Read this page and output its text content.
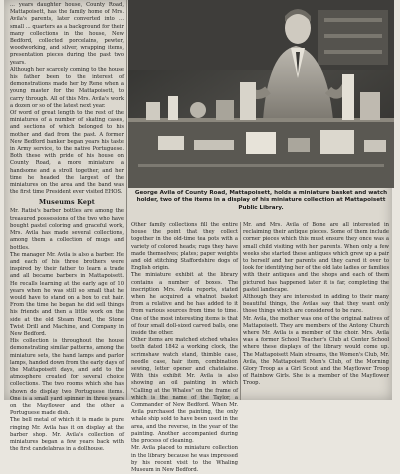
... years daughter house, County Road, Mattapoisett, has the family home of Mrs. Avila's parents, later converted into ... small ... quarters as a background for their many collections in the house, New Bedford, collected porcelains, pewter, woodworking, and silver, wrapping items, presentation pieces during the past two years.

Although her scarcely coming to the house his father been to the interest of demonstrations made her by Rene when a young master for the Mattapoisett, to carry through. All of this Mrs. Avila's work a dozen or so of the latest next year.

Of word of great length to the rest of the miniatures of a number of skating cases, and sections of which belonged to his mother and dad from the past. A former New Bedford banker began years his taste in Army service, to the native Portuguese. Both these with pride of his house on County Road, a more miniature a handsome and a stroll together, and her time he headed the largest of the miniatures on the area and the band was the first time President ever visited EHOS.

Museums Kept

Mr. Ratisi's barber bottles are among the treasured possessions of the two who have bought pastel coloring and graceful work, Mrs. Avila has made several collections, among them a collection of mugs and bottles.

The manager Mr. Avila is also a barber. He and each of his three brothers were inspired by their father to learn a trade and all became barbers in Mattapoisett. He recalls learning at the early age of 10 years when he was still so small that he would have to stand on a box to cut hair. From the time he began he did sell things his friends and then a little work on the side at the old Steam Road, the Stone Twist Drill and Machine, and Company in New Bedford.

His collection is throughout the house demonstrating similar patterns, among the miniature sets, the hand lamps and parlor lamps, handed down from the early days of the Mattapoisett days, and add to the atmosphere created for several choice collections. The two rooms which she has shown do display two Portuguese items. One is a small yard spinner in three years on the Mayflower and the other a Portuguese made dish.

The bell metal of which it is made is pure ringing Mr. Avila has it on display at the barber shop. Mr. Avila's collection of miniatures began a few years back with the first candelabras in a dollhouse.

George Avila of County Road, Mattapoisett, holds a miniature basket and watch holder, two of the items in a display of his miniature collection at Mattapoisett Public Library.

Other family collections fill the entire house the point that they collect together in the old-time tea pots with a variety of colored heads; rugs they have made themselves; plates; paper weights and old stitching Staffordshire dogs of English origin.

The miniature exhibit at the library contains a number of boxes. The inscription Mrs. Avila reports, stated when he acquired a whatnot basket from a relative and he has added to it from various sources from time to time. One of the most interesting items is that of four small doll-sized carved balls, one inside the other.

Other items are matched etched whales teeth dated 1842 a working clock, the scrimshaw watch stand, thimble case, needle case, hair item, combination sewing, letter opener and chatelaine. With this exhibit Mr. Avila is also showing an oil painting in which "Calling at the Whales" on the frame of which is the name of the Taylor, a Commander of New Bedford. When Mr. Avila purchased the painting, the only whale ship sold to have been used in the area, and the reverse, in the year of the painting. Another accompanied during the process of cleaning.

Mr. Avila placed to miniature collection in the library because he was impressed by his recent visit to the Whaling Museum in New Bedford.

Mr. and Mrs. Avila of Bone are all interested in reclaiming their antique pieces. Some of them include corner pieces which this must ensure they once was a small child visiting with her parents. When only a few weeks she started these antiques which grew up a pair to herself and her parents and they cared it over to look for identifying her of the old late ladies or families with their antiques and the shops and each of them pictured has happened later it is far, completing the pastel landscape.

Although they are interested in adding to their many beautiful things, the Avilas say that they want only those things which are considered to be rare.

Mr. Avila, the mother was one of the original natives of Mattapoisett. They are members of the Antony Church where Mr. Avila is a member of the choir. Mrs. Avila was a former School Teacher's Club at Center School where these displays of the library would come up. The Mattapoisett Main streams, the Women's Club, Mr. Avila, the Mattapoisett Men's Club, of the Morning Glory Troop as a Girl Scout and the Mayflower Troop of Rainbow Girls. She is a member of the Mayflower Troop.
